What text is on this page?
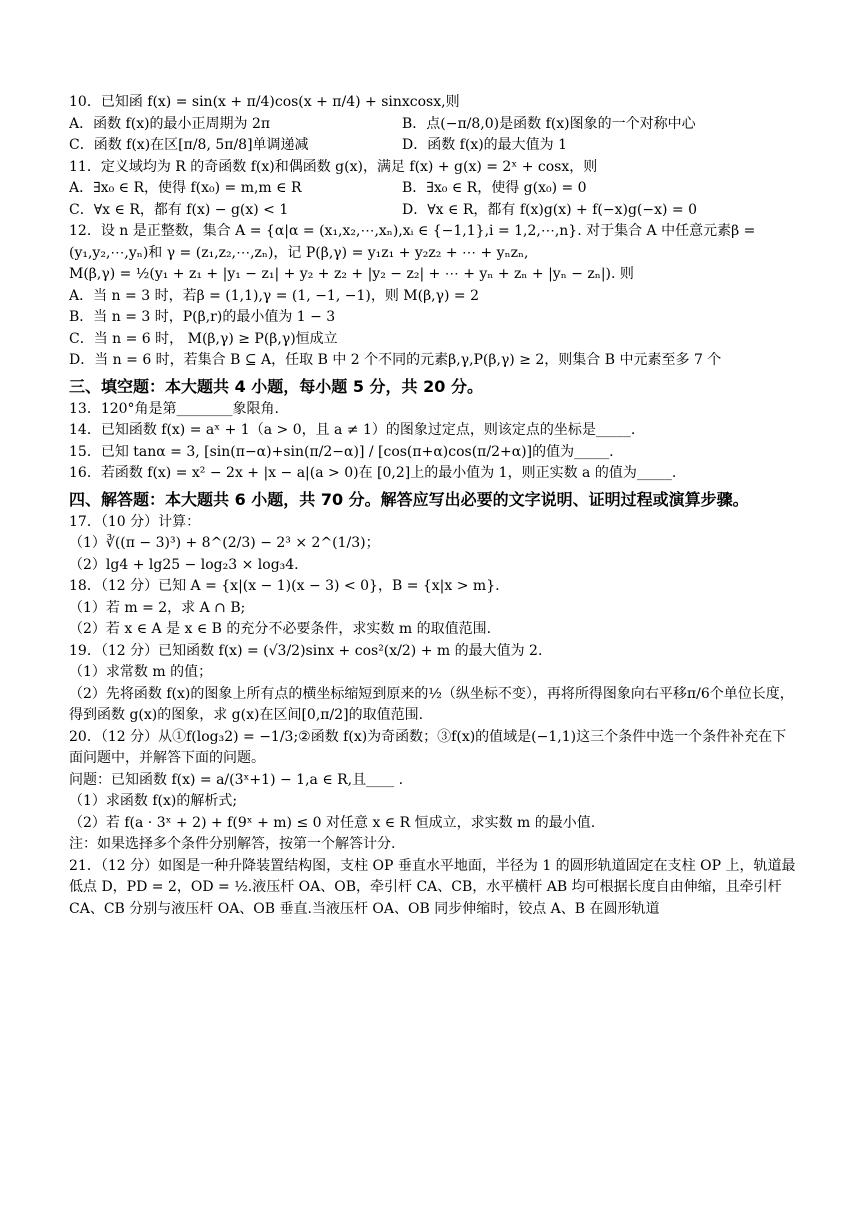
10．已知函 f(x) = sin(x + π/4)cos(x + π/4) + sinxcosx,则
A．函数 f(x)的最小正周期为 2π	B．点(−π/8,0)是函数 f(x)图象的一个对称中心
C．函数 f(x)在区[π/8, 5π/8]单调递减	D．函数 f(x)的最大值为 1
11．定义域均为 R 的奇函数 f(x)和偶函数 g(x)，满足 f(x) + g(x) = 2ˣ + cosx，则
A．∃x₀ ∈ R，使得 f(x₀) = m,m ∈ R	B．∃x₀ ∈ R，使得 g(x₀) = 0
C．∀x ∈ R，都有 f(x) − g(x) < 1	D．∀x ∈ R，都有 f(x)g(x) + f(−x)g(−x) = 0
12．设 n 是正整数，集合 A = {α|α = (x₁,x₂,⋯,xₙ),xᵢ ∈ {−1,1},i = 1,2,⋯,n}. 对于集合 A 中任意元素β =
(y₁,y₂,⋯,yₙ)和 γ = (z₁,z₂,⋯,zₙ)，记 P(β,γ) = y₁z₁ + y₂z₂ + ⋯ + yₙzₙ,
M(β,γ) = ½(y₁ + z₁ + |y₁ − z₁| + y₂ + z₂ + |y₂ − z₂| + ⋯ + yₙ + zₙ + |yₙ − zₙ|). 则
A．当 n = 3 时，若β = (1,1),γ = (1, −1, −1)，则 M(β,γ) = 2
B．当 n = 3 时，P(β,r)的最小值为 1 − 3
C．当 n = 6 时， M(β,γ) ≥ P(β,γ)恒成立
D．当 n = 6 时，若集合 B ⊆ A，任取 B 中 2 个不同的元素β,γ,P(β,γ) ≥ 2，则集合 B 中元素至多 7 个
三、填空题：本大题共 4 小题，每小题 5 分，共 20 分。
13．120°角是第________象限角.
14．已知函数 f(x) = aˣ + 1（a > 0，且 a ≠ 1）的图象过定点，则该定点的坐标是_____.
15．已知 tanα = 3, [sin(π−α)+sin(π/2−α)] / [cos(π+α)cos(π/2+α)]的值为_____.
16．若函数 f(x) = x² − 2x + |x − a|(a > 0)在 [0,2]上的最小值为 1，则正实数 a 的值为_____.
四、解答题：本大题共 6 小题，共 70 分。解答应写出必要的文字说明、证明过程或演算步骤。
17．（10 分）计算：
（1）∛((π − 3)³) + 8^(2/3) − 2³ × 2^(1/3)；
（2）lg4 + lg25 − log₂3 × log₃4.
18．（12 分）已知 A = {x|(x − 1)(x − 3) < 0}，B = {x|x > m}.
（1）若 m = 2，求 A ∩ B;
（2）若 x ∈ A 是 x ∈ B 的充分不必要条件，求实数 m 的取值范围.
19．（12 分）已知函数 f(x) = (√3/2)sinx + cos²(x/2) + m 的最大值为 2.
（1）求常数 m 的值；
（2）先将函数 f(x)的图象上所有点的横坐标缩短到原来的½（纵坐标不变），再将所得图象向右平移π/6个单位长度，得到函数 g(x)的图象，求 g(x)在区间[0,π/2]的取值范围.
20．（12 分）从①f(log₃2) = −1/3;②函数 f(x)为奇函数；③f(x)的值域是(−1,1)这三个条件中选一个条件补充在下面问题中，并解答下面的问题。
问题：已知函数 f(x) = a/(3ˣ+1) − 1,a ∈ R,且____ .
（1）求函数 f(x)的解析式;
（2）若 f(a · 3ˣ + 2) + f(9ˣ + m) ≤ 0 对任意 x ∈ R 恒成立，求实数 m 的最小值.
注：如果选择多个条件分别解答，按第一个解答计分.
21．（12 分）如图是一种升降装置结构图，支柱 OP 垂直水平地面，半径为 1 的圆形轨道固定在支柱 OP 上，轨道最低点 D，PD = 2，OD = ½.液压杆 OA、OB，牵引杆 CA、CB，水平横杆 AB 均可根据长度自由伸缩，且牵引杆 CA、CB 分别与液压杆 OA、OB 垂直.当液压杆 OA、OB 同步伸缩时，铰点 A、B 在圆形轨道
